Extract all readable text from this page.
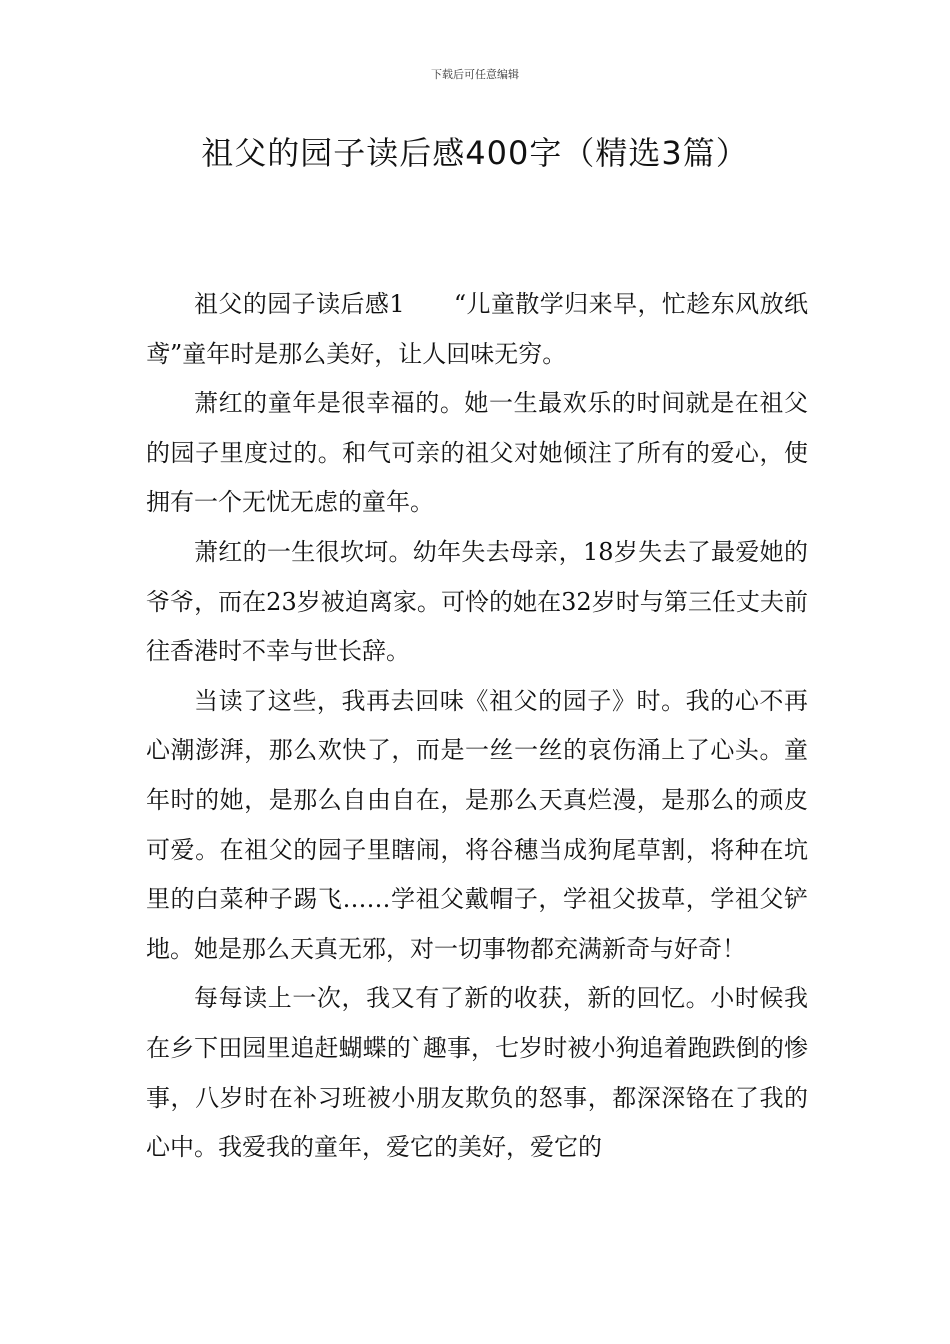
下载后可任意编辑
祖父的园子读后感400字（精选3篇）

祖父的园子读后感1　　“儿童散学归来早，忙趁东风放纸鸢”童年时是那么美好，让人回味无穷。

萧红的童年是很幸福的。她一生最欢乐的时间就是在祖父的园子里度过的。和气可亲的祖父对她倾注了所有的爱心，使拥有一个无忧无虑的童年。

萧红的一生很坎坷。幼年失去母亲，18岁失去了最爱她的爷爷，而在23岁被迫离家。可怜的她在32岁时与第三任丈夫前往香港时不幸与世长辞。

当读了这些，我再去回味《祖父的园子》时。我的心不再心潮澎湃，那么欢快了，而是一丝一丝的哀伤涌上了心头。童年时的她，是那么自由自在，是那么天真烂漫，是那么的顽皮可爱。在祖父的园子里瞎闹，将谷穗当成狗尾草割，将种在坑里的白菜种子踢飞……学祖父戴帽子，学祖父拔草，学祖父铲地。她是那么天真无邪，对一切事物都充满新奇与好奇！

每每读上一次，我又有了新的收获，新的回忆。小时候我在乡下田园里追赶蝴蝶的`趣事，七岁时被小狗追着跑跌倒的惨事，八岁时在补习班被小朋友欺负的怒事，都深深铬在了我的心中。我爱我的童年，爱它的美好，爱它的
